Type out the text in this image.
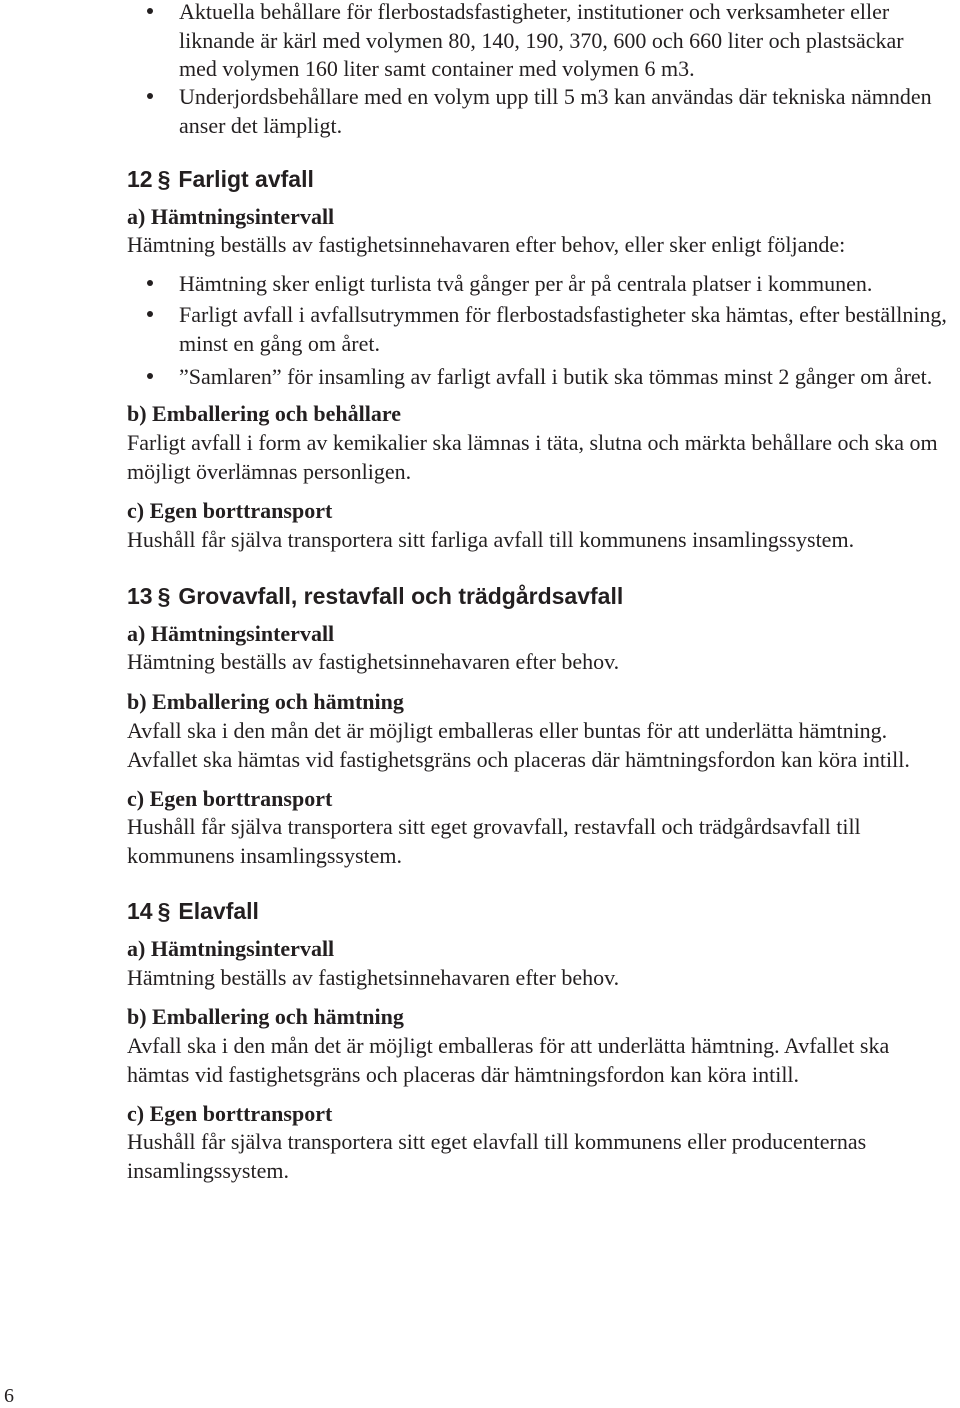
Aktuella behållare för flerbostadsfastigheter, institutioner och verksamheter eller
liknande är kärl med volymen 80, 140, 190, 370, 600 och 660 liter och plastsäckar
med volymen 160 liter samt container med volymen 6 m3.
Underjordsbehållare med en volym upp till 5 m3 kan användas där tekniska nämnden
anser det lämpligt.
12 § Farligt avfall
a) Hämtningsintervall
Hämtning beställs av fastighetsinnehavaren efter behov, eller sker enligt följande:
Hämtning sker enligt turlista två gånger per år på centrala platser i kommunen.
Farligt avfall i avfallsutrymmen för flerbostadsfastigheter ska hämtas, efter beställning,
minst en gång om året.
”Samlaren” för insamling av farligt avfall i butik ska tömmas minst 2 gånger om året.
b) Emballering och behållare
Farligt avfall i form av kemikalier ska lämnas i täta, slutna och märkta behållare och ska om
möjligt överlämnas personligen.
c) Egen borttransport
Hushåll får själva transportera sitt farliga avfall till kommunens insamlingssystem.
13 § Grovavfall, restavfall och trädgårdsavfall
a) Hämtningsintervall
Hämtning beställs av fastighetsinnehavaren efter behov.
b) Emballering och hämtning
Avfall ska i den mån det är möjligt emballeras eller buntas för att underlätta hämtning.
Avfallet ska hämtas vid fastighetsgräns och placeras där hämtningsfordon kan köra intill.
c) Egen borttransport
Hushåll får själva transportera sitt eget grovavfall, restavfall och trädgårdsavfall till
kommunens insamlingssystem.
14 § Elavfall
a) Hämtningsintervall
Hämtning beställs av fastighetsinnehavaren efter behov.
b) Emballering och hämtning
Avfall ska i den mån det är möjligt emballeras för att underlätta hämtning. Avfallet ska
hämtas vid fastighetsgräns och placeras där hämtningsfordon kan köra intill.
c) Egen borttransport
Hushåll får själva transportera sitt eget elavfall till kommunens eller producenternas
insamlingssystem.
6
